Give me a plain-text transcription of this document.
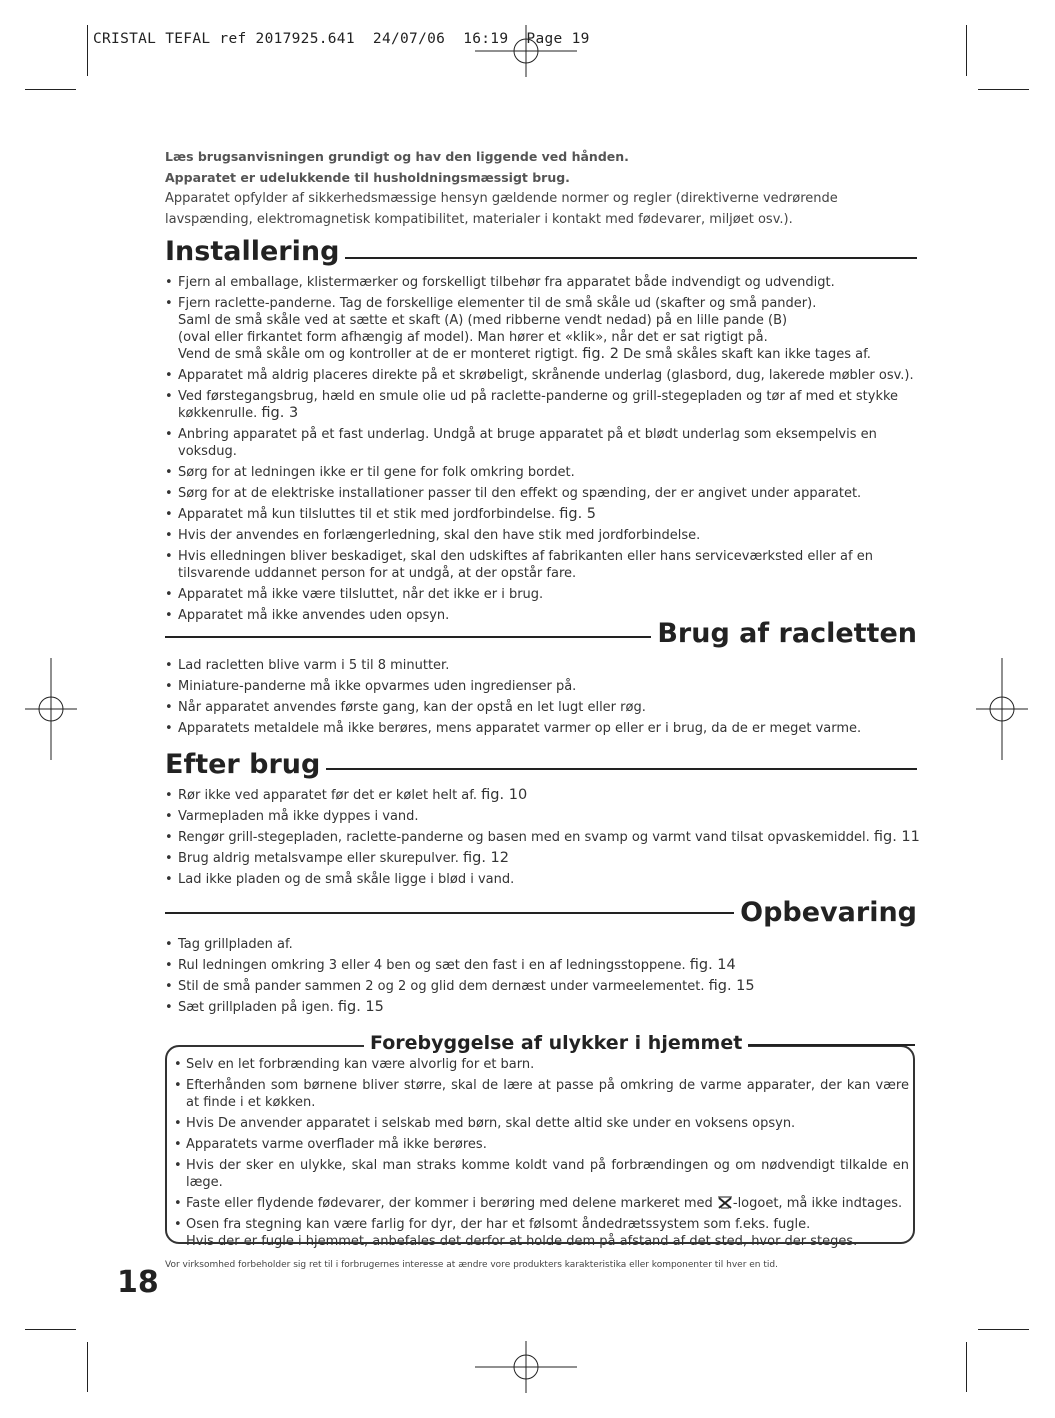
CRISTAL TEFAL ref 2017925.641  24/07/06  16:19  Page 19
Læs brugsanvisningen grundigt og hav den liggende ved hånden.
Apparatet er udelukkende til husholdningsmæssigt brug.
Apparatet opfylder af sikkerhedsmæssige hensyn gældende normer og regler (direktiverne vedrørende lavspænding, elektromagnetisk kompatibilitet, materialer i kontakt med fødevarer, miljøet osv.).
Installering
• Fjern al emballage, klistermærker og forskelligt tilbehør fra apparatet både indvendigt og udvendigt.
• Fjern raclette-panderne. Tag de forskellige elementer til de små skåle ud (skafter og små pander).
Saml de små skåle ved at sætte et skaft (A) (med ribberne vendt nedad) på en lille pande (B)
(oval eller firkantet form afhængig af model). Man hører et «klik», når det er sat rigtigt på.
Vend de små skåle om og kontroller at de er monteret rigtigt. fig. 2 De små skåles skaft kan ikke tages af.
• Apparatet må aldrig placeres direkte på et skrøbeligt, skrånende underlag (glasbord, dug, lakerede møbler osv.).
• Ved førstegangsbrug, hæld en smule olie ud på raclette-panderne og grill-stegepladen og tør af med et stykke køkkenrulle. fig. 3
• Anbring apparatet på et fast underlag. Undgå at bruge apparatet på et blødt underlag som eksempelvis en voksdug.
• Sørg for at ledningen ikke er til gene for folk omkring bordet.
• Sørg for at de elektriske installationer passer til den effekt og spænding, der er angivet under apparatet.
• Apparatet må kun tilsluttes til et stik med jordforbindelse. fig. 5
• Hvis der anvendes en forlængerledning, skal den have stik med jordforbindelse.
• Hvis elledningen bliver beskadiget, skal den udskiftes af fabrikanten eller hans serviceværksted eller af en tilsvarende uddannet person for at undgå, at der opstår fare.
• Apparatet må ikke være tilsluttet, når det ikke er i brug.
• Apparatet må ikke anvendes uden opsyn.
Brug af racletten
• Lad racletten blive varm i 5 til 8 minutter.
• Miniature-panderne må ikke opvarmes uden ingredienser på.
• Når apparatet anvendes første gang, kan der opstå en let lugt eller røg.
• Apparatets metaldele må ikke berøres, mens apparatet varmer op eller er i brug, da de er meget varme.
Efter brug
• Rør ikke ved apparatet før det er kølet helt af. fig. 10
• Varmepladen må ikke dyppes i vand.
• Rengør grill-stegepladen, raclette-panderne og basen med en svamp og varmt vand tilsat opvaskemiddel. fig. 11
• Brug aldrig metalsvampe eller skurepulver. fig. 12
• Lad ikke pladen og de små skåle ligge i blød i vand.
Opbevaring
• Tag grillpladen af.
• Rul ledningen omkring 3 eller 4 ben og sæt den fast i en af ledningsstoppene. fig. 14
• Stil de små pander sammen 2 og 2 og glid dem dernæst under varmeelementet. fig. 15
• Sæt grillpladen på igen. fig. 15
Forebyggelse af ulykker i hjemmet
• Selv en let forbrænding kan være alvorlig for et barn.
• Efterhånden som børnene bliver større, skal de lære at passe på omkring de varme apparater, der kan være at finde i et køkken.
• Hvis De anvender apparatet i selskab med børn, skal dette altid ske under en voksens opsyn.
• Apparatets varme overflader må ikke berøres.
• Hvis der sker en ulykke, skal man straks komme koldt vand på forbrændingen og om nødvendigt tilkalde en læge.
• Faste eller flydende fødevarer, der kommer i berøring med delene markeret med -logoet, må ikke indtages.
• Osen fra stegning kan være farlig for dyr, der har et følsomt åndedrætssystem som f.eks. fugle.
Hvis der er fugle i hjemmet, anbefales det derfor at holde dem på afstand af det sted, hvor der steges.
Vor virksomhed forbeholder sig ret til i forbrugernes interesse at ændre vore produkters karakteristika eller komponenter til hver en tid.
18
